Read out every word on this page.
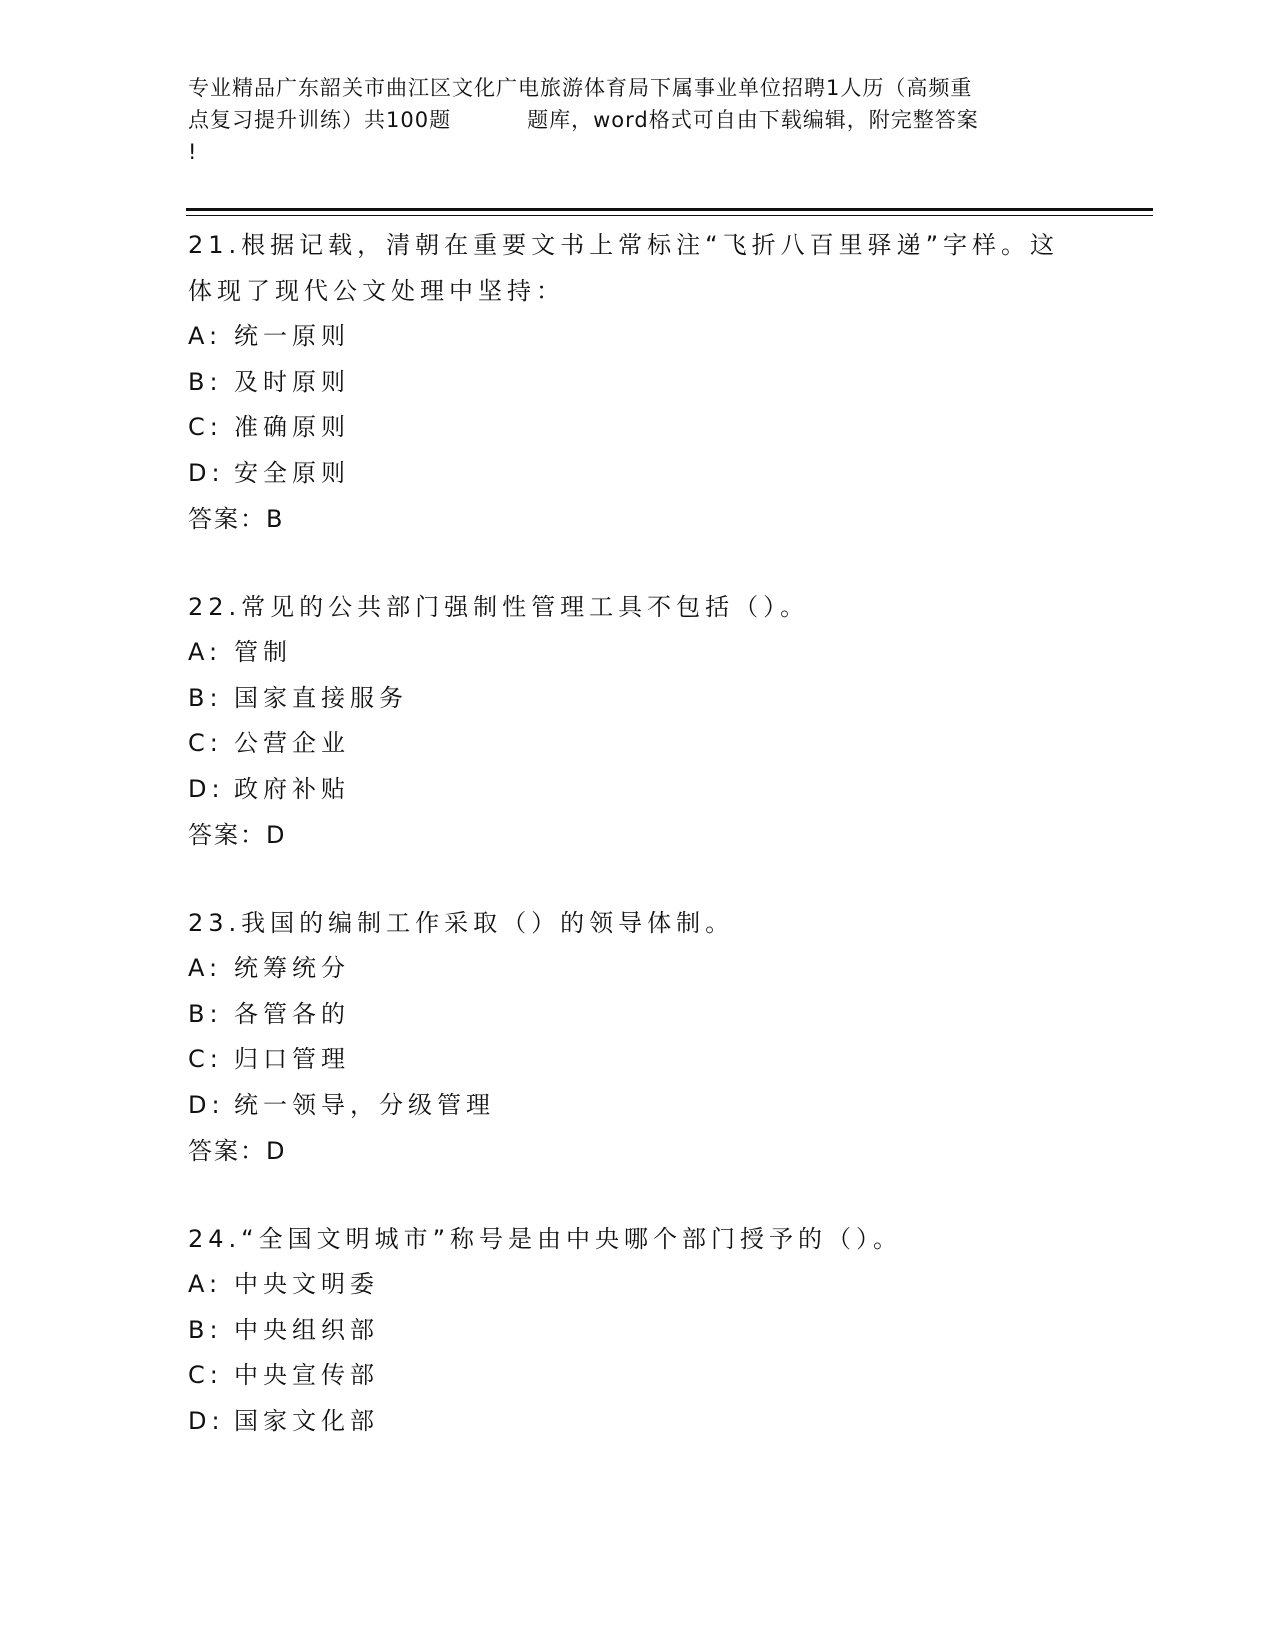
专业精品广东韶关市曲江区文化广电旅游体育局下属事业单位招聘1人历（高频重
点复习提升训练）共100题	题库，word格式可自由下载编辑，附完整答案
!
21.根据记载，清朝在重要文书上常标注“飞折八百里驿递”字样。这
体现了现代公文处理中坚持：
A: 统一原则
B: 及时原则
C: 准确原则
D: 安全原则
答案：B
22.常见的公共部门强制性管理工具不包括（）。
A: 管制
B: 国家直接服务
C: 公营企业
D: 政府补贴
答案：D
23.我国的编制工作采取（）的领导体制。
A: 统筹统分
B: 各管各的
C: 归口管理
D: 统一领导，分级管理
答案：D
24.“全国文明城市”称号是由中央哪个部门授予的（）。
A: 中央文明委
B: 中央组织部
C: 中央宣传部
D: 国家文化部
